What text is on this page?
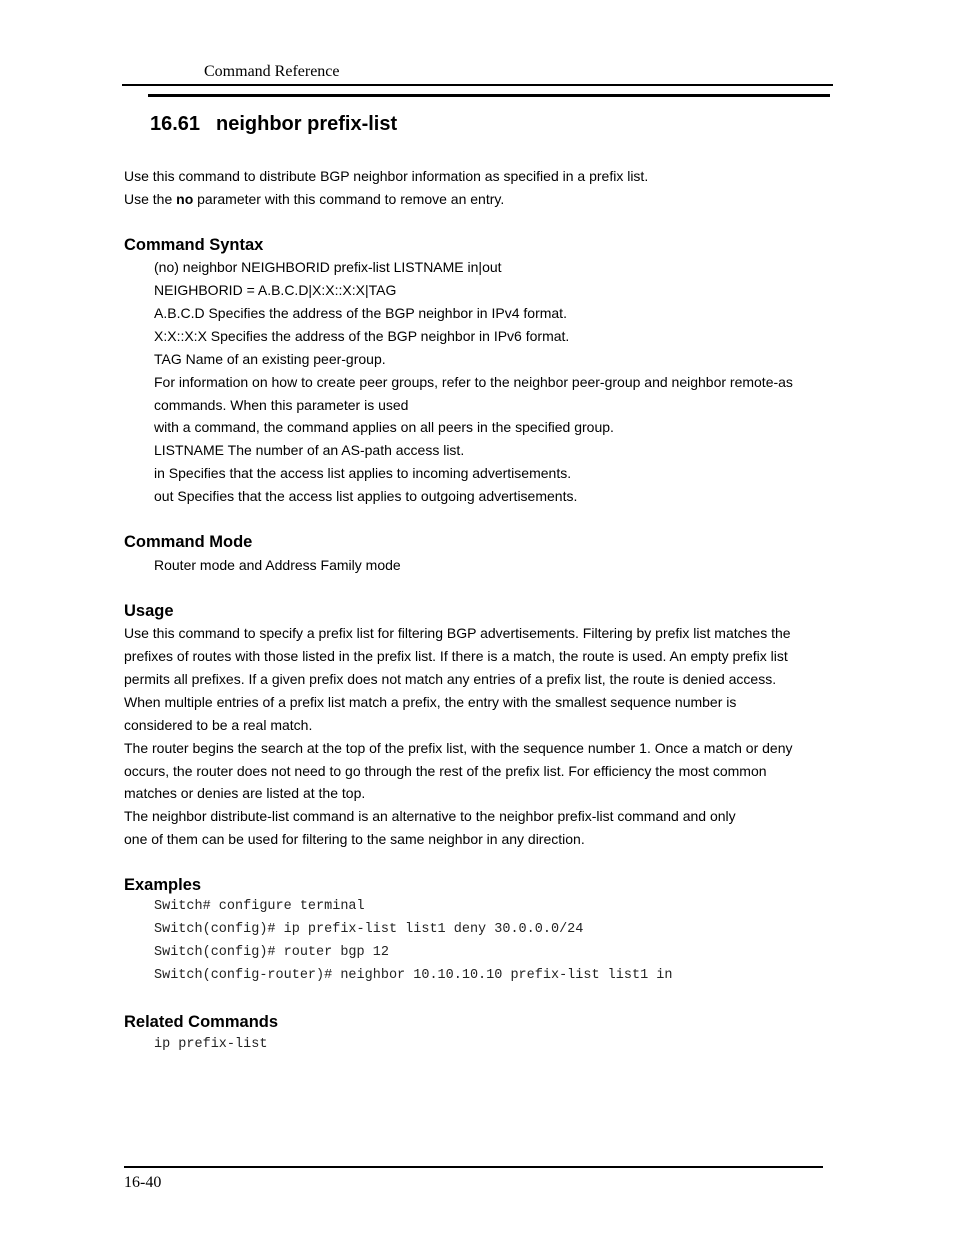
Command Reference
16.61 neighbor prefix-list
Use this command to distribute BGP neighbor information as specified in a prefix list.
Use the no parameter with this command to remove an entry.
Command Syntax
(no) neighbor NEIGHBORID prefix-list LISTNAME in|out
NEIGHBORID = A.B.C.D|X:X::X:X|TAG
A.B.C.D Specifies the address of the BGP neighbor in IPv4 format.
X:X::X:X Specifies the address of the BGP neighbor in IPv6 format.
TAG Name of an existing peer-group.
For information on how to create peer groups, refer to the neighbor peer-group and neighbor remote-as
commands. When this parameter is used
with a command, the command applies on all peers in the specified group.
LISTNAME The number of an AS-path access list.
in Specifies that the access list applies to incoming advertisements.
out Specifies that the access list applies to outgoing advertisements.
Command Mode
Router mode and Address Family mode
Usage
Use this command to specify a prefix list for filtering BGP advertisements. Filtering by prefix list matches the
prefixes of routes with those listed in the prefix list. If there is a match, the route is used. An empty prefix list
permits all prefixes. If a given prefix does not match any entries of a prefix list, the route is denied access.
When multiple entries of a prefix list match a prefix, the entry with the smallest sequence number is
considered to be a real match.
The router begins the search at the top of the prefix list, with the sequence number 1. Once a match or deny
occurs, the router does not need to go through the rest of the prefix list. For efficiency the most common
matches or denies are listed at the top.
The neighbor distribute-list command is an alternative to the neighbor prefix-list command and only
one of them can be used for filtering to the same neighbor in any direction.
Examples
Switch# configure terminal
Switch(config)# ip prefix-list list1 deny 30.0.0.0/24
Switch(config)# router bgp 12
Switch(config-router)# neighbor 10.10.10.10 prefix-list list1 in
Related Commands
ip prefix-list
16-40
